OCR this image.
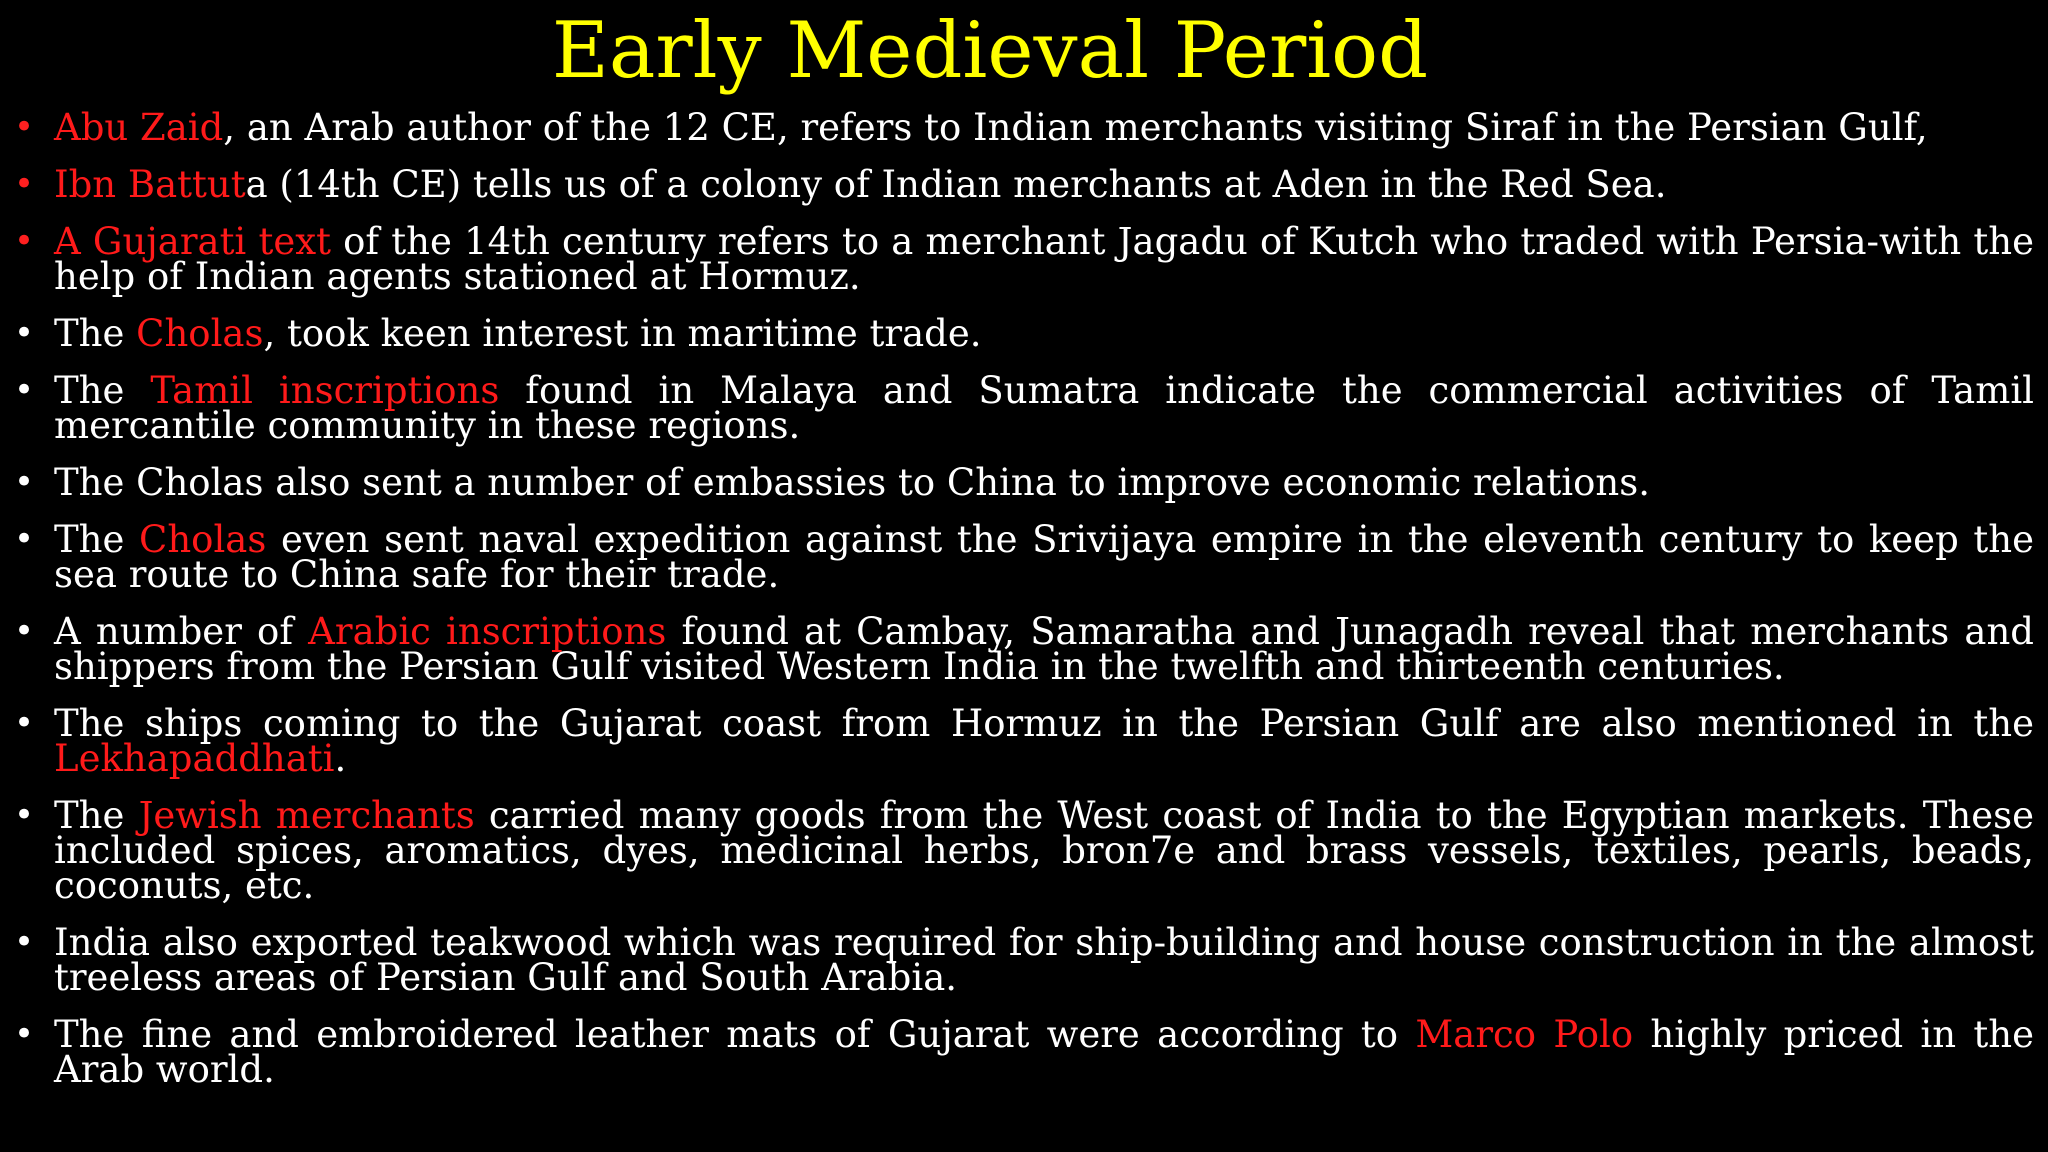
Early Medieval Period
• Abu Zaid, an Arab author of the 12 CE, refers to Indian merchants visiting Siraf in the Persian Gulf,
• Ibn Battuta (14th CE) tells us of a colony of Indian merchants at Aden in the Red Sea.
• A Gujarati text of the 14th century refers to a merchant Jagadu of Kutch who traded with Persia-with the help of Indian agents stationed at Hormuz.
• The Cholas, took keen interest in maritime trade.
• The Tamil inscriptions found in Malaya and Sumatra indicate the commercial activities of Tamil mercantile community in these regions.
• The Cholas also sent a number of embassies to China to improve economic relations.
• The Cholas even sent naval expedition against the Srivijaya empire in the eleventh century to keep the sea route to China safe for their trade.
• A number of Arabic inscriptions found at Cambay, Samaratha and Junagadh reveal that merchants and shippers from the Persian Gulf visited Western India in the twelfth and thirteenth centuries.
• The ships coming to the Gujarat coast from Hormuz in the Persian Gulf are also mentioned in the Lekhapaddhati.
• The Jewish merchants carried many goods from the West coast of India to the Egyptian markets. These included spices, aromatics, dyes, medicinal herbs, bron7e and brass vessels, textiles, pearls, beads, coconuts, etc.
• India also exported teakwood which was required for ship-building and house construction in the almost treeless areas of Persian Gulf and South Arabia.
• The fine and embroidered leather mats of Gujarat were according to Marco Polo highly priced in the Arab world.
